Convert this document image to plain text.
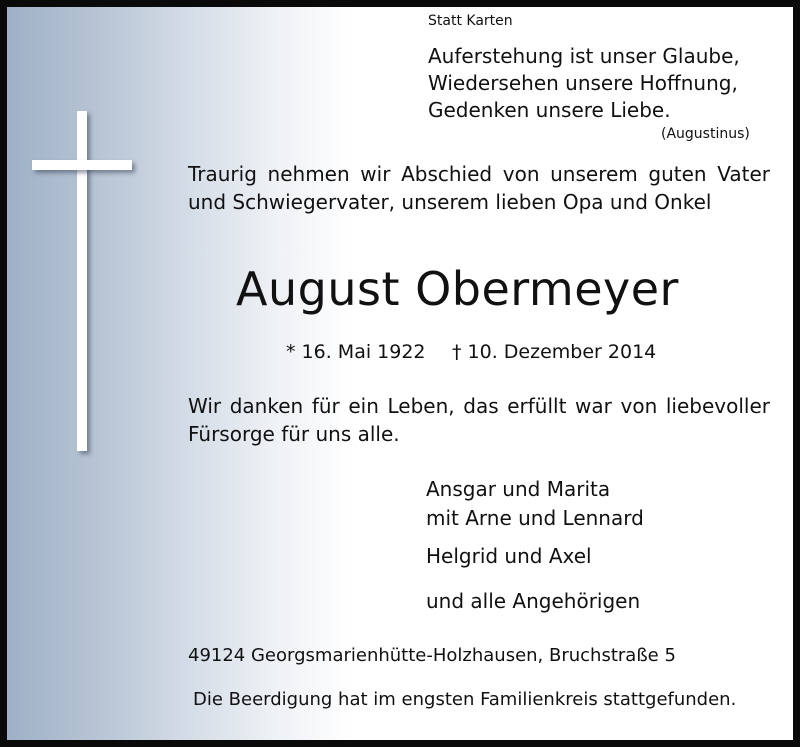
Statt Karten
Auferstehung ist unser Glaube,
Wiedersehen unsere Hoffnung,
Gedenken unsere Liebe.
(Augustinus)
Traurig nehmen wir Abschied von unserem guten Vater und Schwiegervater, unserem lieben Opa und Onkel
August Obermeyer
* 16. Mai 1922 † 10. Dezember 2014
Wir danken für ein Leben, das erfüllt war von liebevoller Fürsorge für uns alle.
Ansgar und Marita
mit Arne und Lennard
Helgrid und Axel
und alle Angehörigen
49124 Georgsmarienhütte-Holzhausen, Bruchstraße 5
Die Beerdigung hat im engsten Familienkreis stattgefunden.
